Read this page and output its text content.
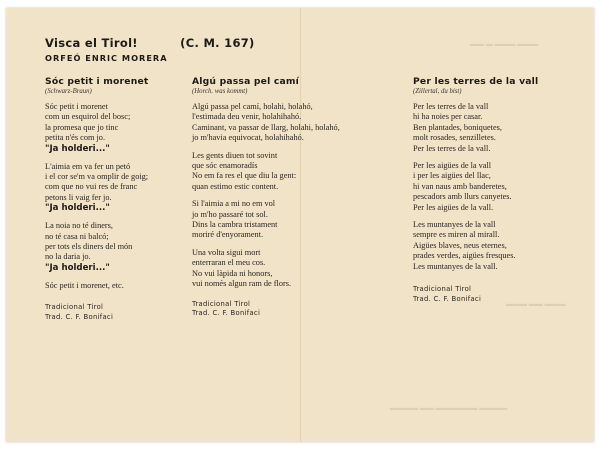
▬▬ ▬ ▬▬▬ ▬▬▬
▬▬▬ ▬▬ ▬▬▬
▬▬▬▬ ▬▬ ▬▬▬▬▬▬ ▬▬▬▬
Visca el Tirol!	(C. M. 167)
ORFEÓ ENRIC MORERA
Sóc petit i morenet
(Schwarz-Braun)
Sóc petit i morenet
com un esquirol del bosc;
la promesa que jo tinc
petita n'és com jo.
"Ja holderi..."
L'aimia em va fer un petó
i el cor se'm va omplir de goig;
com que no vui res de franc
petons li vaig fer jo.
"Ja holderi..."
La noia no té diners,
no té casa ni balcó;
per tots els diners del món
no la daria jo.
"Ja holderi..."
Sóc petit i morenet, etc.
Tradicional Tirol
Trad. C. F. Bonifaci
Algú passa pel camí
(Horch. was kommt)
Algú passa pel camí, holahi, holahó,
l'estimada deu venir, holahihahó.
Caminant, va passar de llarg, holahi, holahó,
jo m'havia equivocat, holahihahó.
Les gents diuen tot sovint
que sóc enamoradís
No em fa res el que diu la gent:
quan estimo estic content.
Si l'aimia a mi no em vol
jo m'ho passaré tot sol.
Dins la cambra tristament
moriré d'enyorament.
Una volta sigui mort
enterraran el meu cos.
No vui làpida ni honors,
vui només algun ram de flors.
Tradicional Tirol
Trad. C. F. Bonifaci
Per les terres de la vall
(Zillertal, du bist)
Per les terres de la vall
hi ha noies per casar.
Ben plantades, boniquetes,
molt rosades, senzilletes.
Per les terres de la vall.
Per les aigües de la vall
i per les aigües del llac,
hi van naus amb banderetes,
pescadors amb llurs canyetes.
Per les aigües de la vall.
Les muntanyes de la vall
sempre es miren al mirall.
Aigües blaves, neus eternes,
prades verdes, aigües fresques.
Les muntanyes de la vall.
Tradicional Tirol
Trad. C. F. Bonifaci
